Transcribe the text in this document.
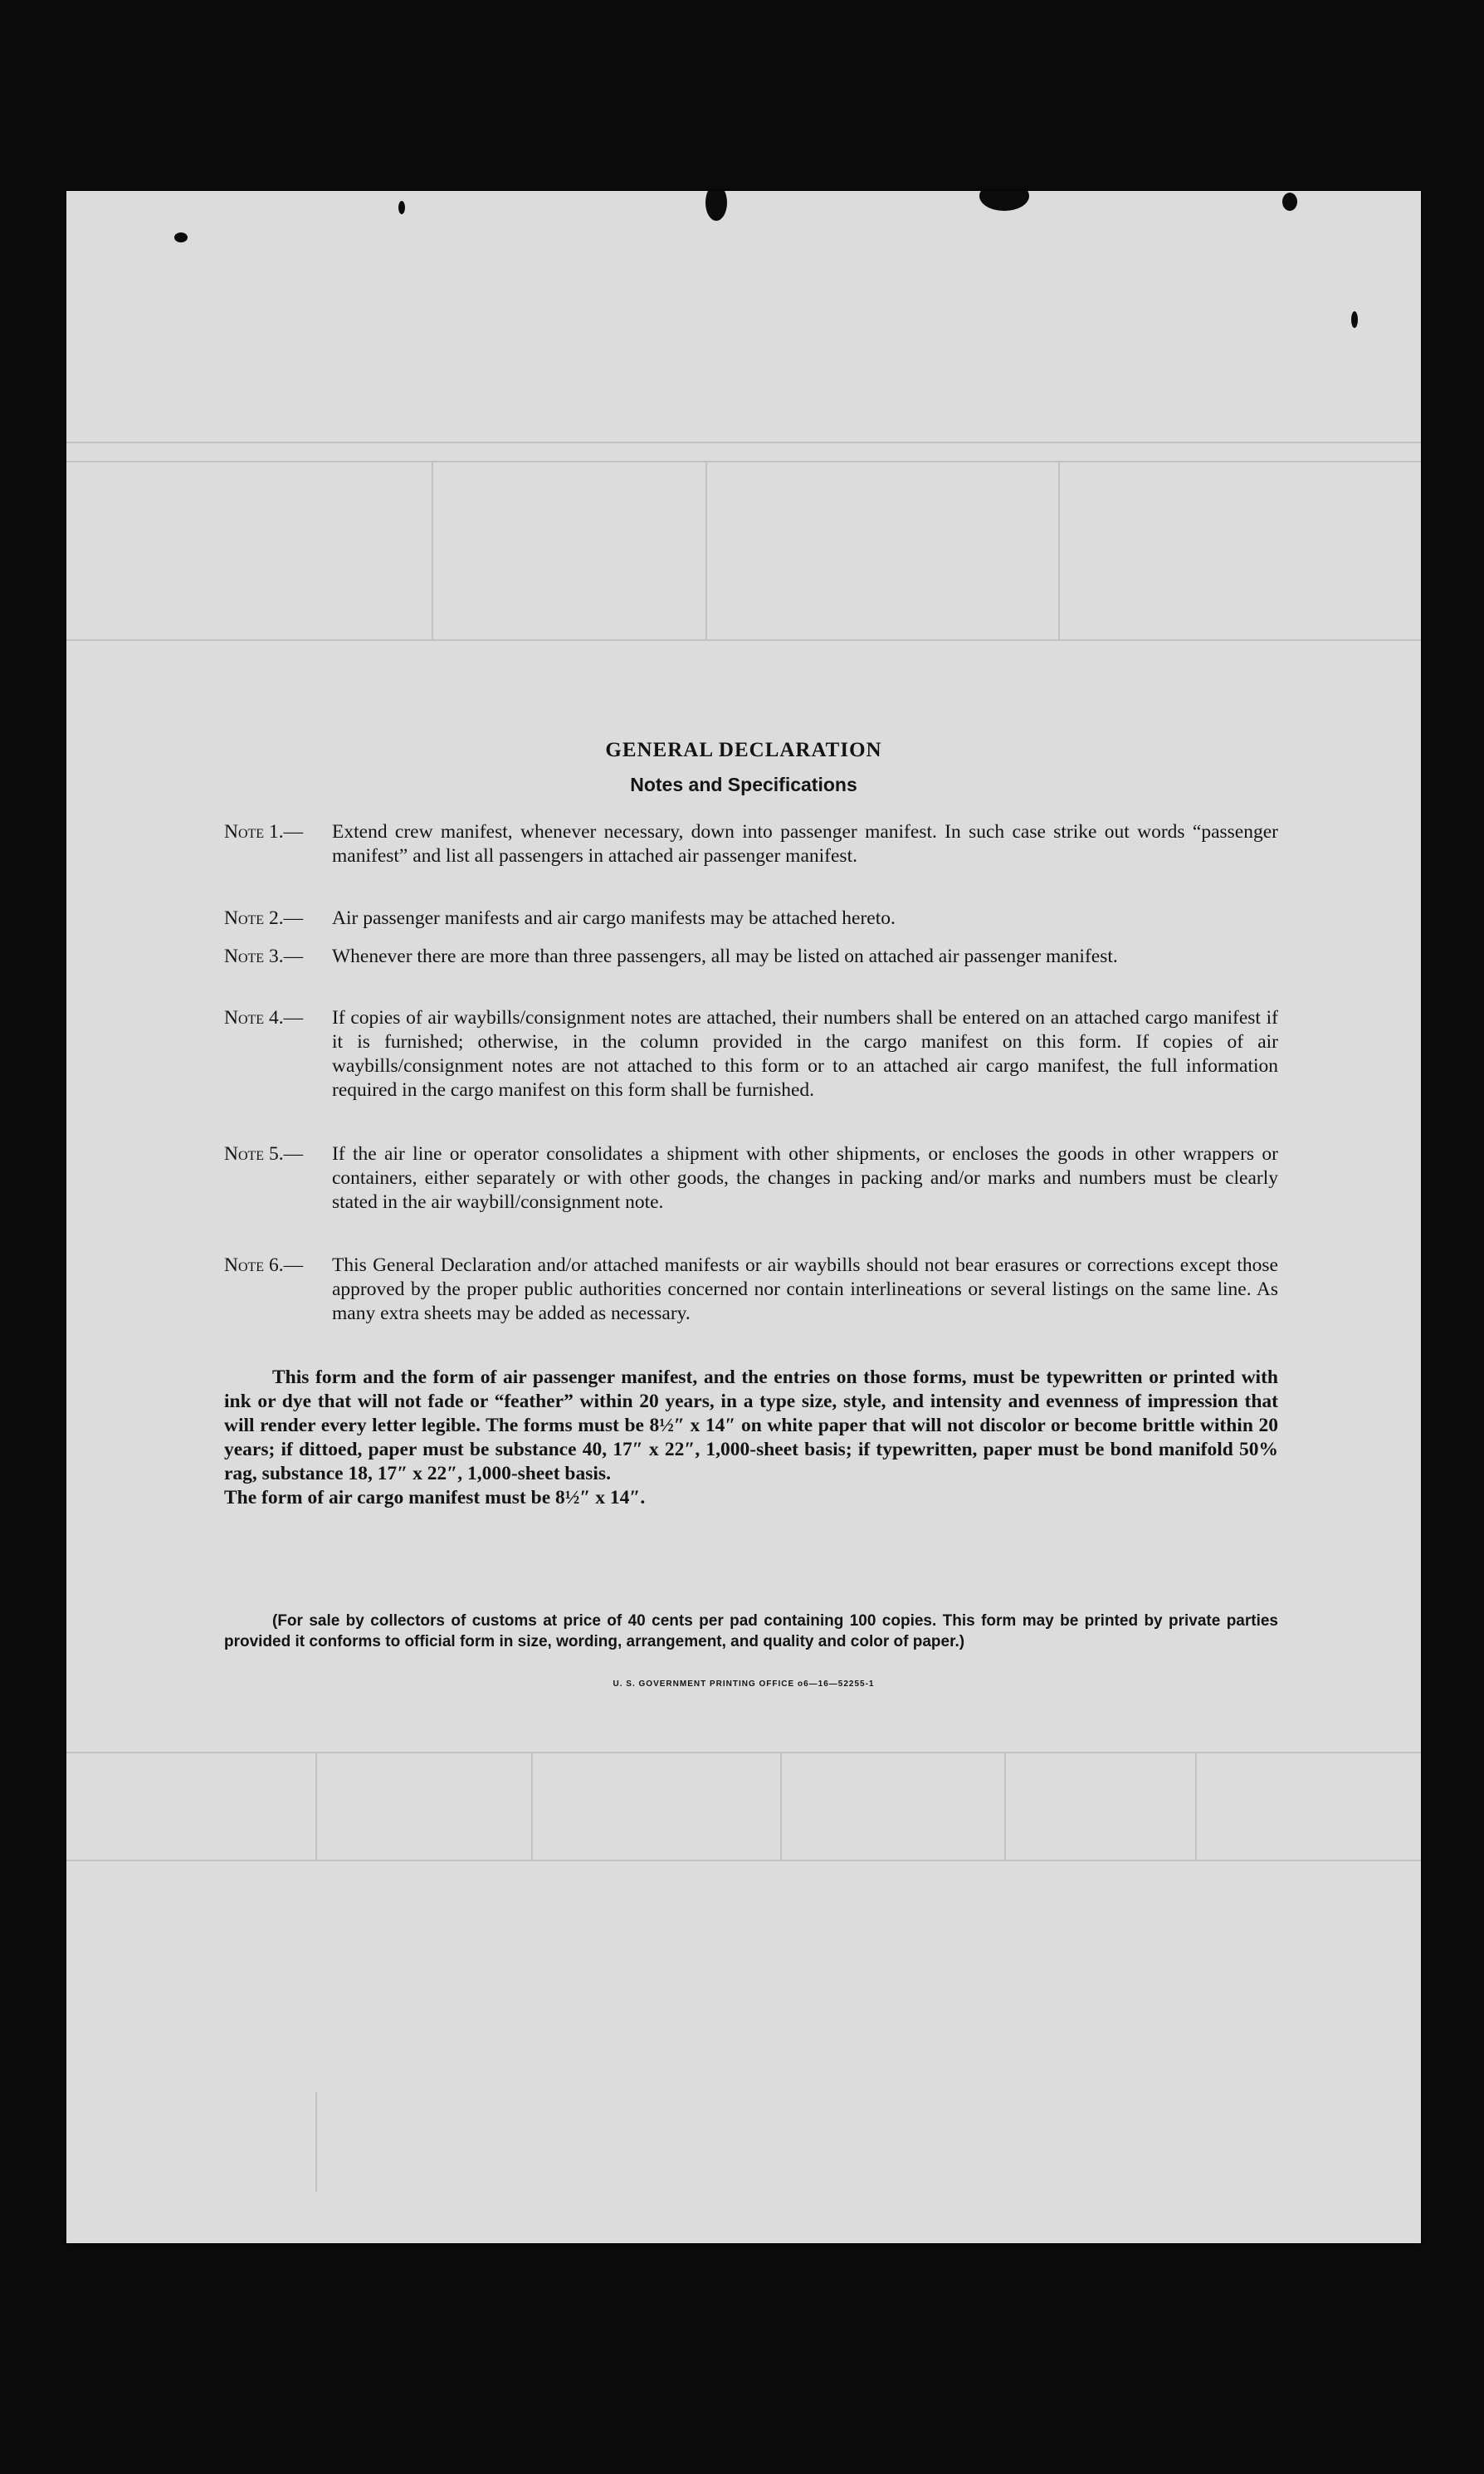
GENERAL DECLARATION
Notes and Specifications
Note 1.— Extend crew manifest, whenever necessary, down into passenger manifest. In such case strike out words “passenger manifest” and list all passengers in attached air passenger manifest.
Note 2.— Air passenger manifests and air cargo manifests may be attached hereto.
Note 3.— Whenever there are more than three passengers, all may be listed on attached air passenger manifest.
Note 4.— If copies of air waybills/consignment notes are attached, their numbers shall be entered on an attached cargo manifest if it is furnished; otherwise, in the column provided in the cargo manifest on this form. If copies of air waybills/consignment notes are not attached to this form or to an attached air cargo manifest, the full information required in the cargo manifest on this form shall be furnished.
Note 5.— If the air line or operator consolidates a shipment with other shipments, or encloses the goods in other wrappers or containers, either separately or with other goods, the changes in packing and/or marks and numbers must be clearly stated in the air waybill/consignment note.
Note 6.— This General Declaration and/or attached manifests or air waybills should not bear erasures or corrections except those approved by the proper public authorities concerned nor contain interlineations or several listings on the same line. As many extra sheets may be added as necessary.
This form and the form of air passenger manifest, and the entries on those forms, must be typewritten or printed with ink or dye that will not fade or “feather” within 20 years, in a type size, style, and intensity and evenness of impression that will render every letter legible. The forms must be 8½″ x 14″ on white paper that will not discolor or become brittle within 20 years; if dittoed, paper must be substance 40, 17″ x 22″, 1,000-sheet basis; if typewritten, paper must be bond manifold 50% rag, substance 18, 17″ x 22″, 1,000-sheet basis.
The form of air cargo manifest must be 8½″ x 14″.
(For sale by collectors of customs at price of 40 cents per pad containing 100 copies. This form may be printed by private parties provided it conforms to official form in size, wording, arrangement, and quality and color of paper.)
U. S. GOVERNMENT PRINTING OFFICE o6—16—52255-1
